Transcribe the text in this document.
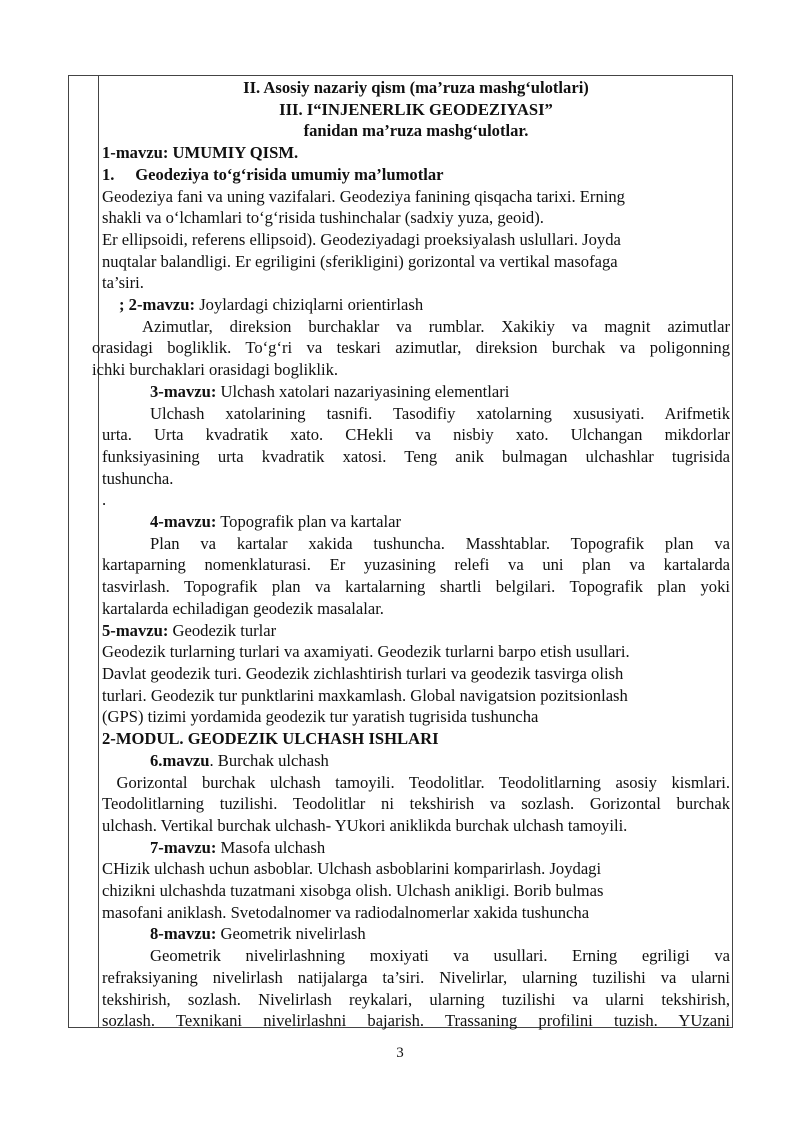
II. Asosiy nazariy qism (ma’ruza mashg‘ulotlari)

III. I“INJENERLIK GEODEZIYASI”

fanidan ma’ruza mashg‘ulotlar.

1-mavzu: UMUMIY QISM.

1.     Geodeziya to‘g‘risida umumiy ma’lumotlar

Geodeziya fani va uning vazifalari. Geodeziya fanining qisqacha tarixi. Erning

shakli va o‘lchamlari to‘g‘risida tushinchalar (sadxiy yuza, geoid).

Er ellipsoidi, referens ellipsoid). Geodeziyadagi proeksiyalash uslullari. Joyda

nuqtalar balandligi. Er egriligini (sferikligini) gorizontal va vertikal masofaga

ta’siri.

; 2-mavzu: Joylardagi chiziqlarni orientirlash

Azimutlar, direksion burchaklar va rumblar. Xakikiy va magnit azimutlar

orasidagi bogliklik. To‘g‘ri va teskari azimutlar, direksion burchak va poligonning

ichki burchaklari orasidagi bogliklik.

3-mavzu: Ulchash xatolari nazariyasining elementlari

Ulchash xatolarining tasnifi. Tasodifiy xatolarning xususiyati. Arifmetik

urta. Urta kvadratik xato. CHekli va nisbiy xato. Ulchangan mikdorlar

funksiyasining urta kvadratik xatosi. Teng anik bulmagan ulchashlar tugrisida

tushuncha.

.

4-mavzu: Topografik plan va kartalar

Plan va kartalar xakida tushuncha. Masshtablar. Topografik plan va

kartaparning nomenklaturasi. Er yuzasining relefi va uni plan va kartalarda

tasvirlash. Topografik plan va kartalarning shartli belgilari. Topografik plan yoki

kartalarda echiladigan geodezik masalalar.

5-mavzu: Geodezik turlar

Geodezik turlarning turlari va axamiyati. Geodezik turlarni barpo etish usullari.

Davlat geodezik turi. Geodezik zichlashtirish turlari va geodezik tasvirga olish

turlari. Geodezik tur punktlarini maxkamlash. Global navigatsion pozitsionlash

(GPS) tizimi yordamida geodezik tur yaratish tugrisida tushuncha

2-MODUL. GEODEZIK ULCHASH ISHLARI

6.mavzu. Burchak ulchash

Gorizontal burchak ulchash tamoyili. Teodolitlar. Teodolitlarning asosiy kismlari.

Teodolitlarning tuzilishi. Teodolitlar ni tekshirish va sozlash. Gorizontal burchak

ulchash. Vertikal burchak ulchash- YUkori aniklikda burchak ulchash tamoyili.

7-mavzu: Masofa ulchash

CHizik ulchash uchun asboblar. Ulchash asboblarini komparirlash. Joydagi

chizikni ulchashda tuzatmani xisobga olish. Ulchash anikligi. Borib bulmas

masofani aniklash. Svetodalnomer va radiodalnomerlar xakida tushuncha

8-mavzu: Geometrik nivelirlash

Geometrik nivelirlashning moxiyati va usullari. Erning egriligi va

refraksiyaning nivelirlash natijalarga ta’siri. Nivelirlar, ularning tuzilishi va ularni

tekshirish, sozlash. Nivelirlash reykalari, ularning tuzilishi va ularni tekshirish,

sozlash. Texnikani nivelirlashni bajarish. Trassaning profilini tuzish. YUzani

3
